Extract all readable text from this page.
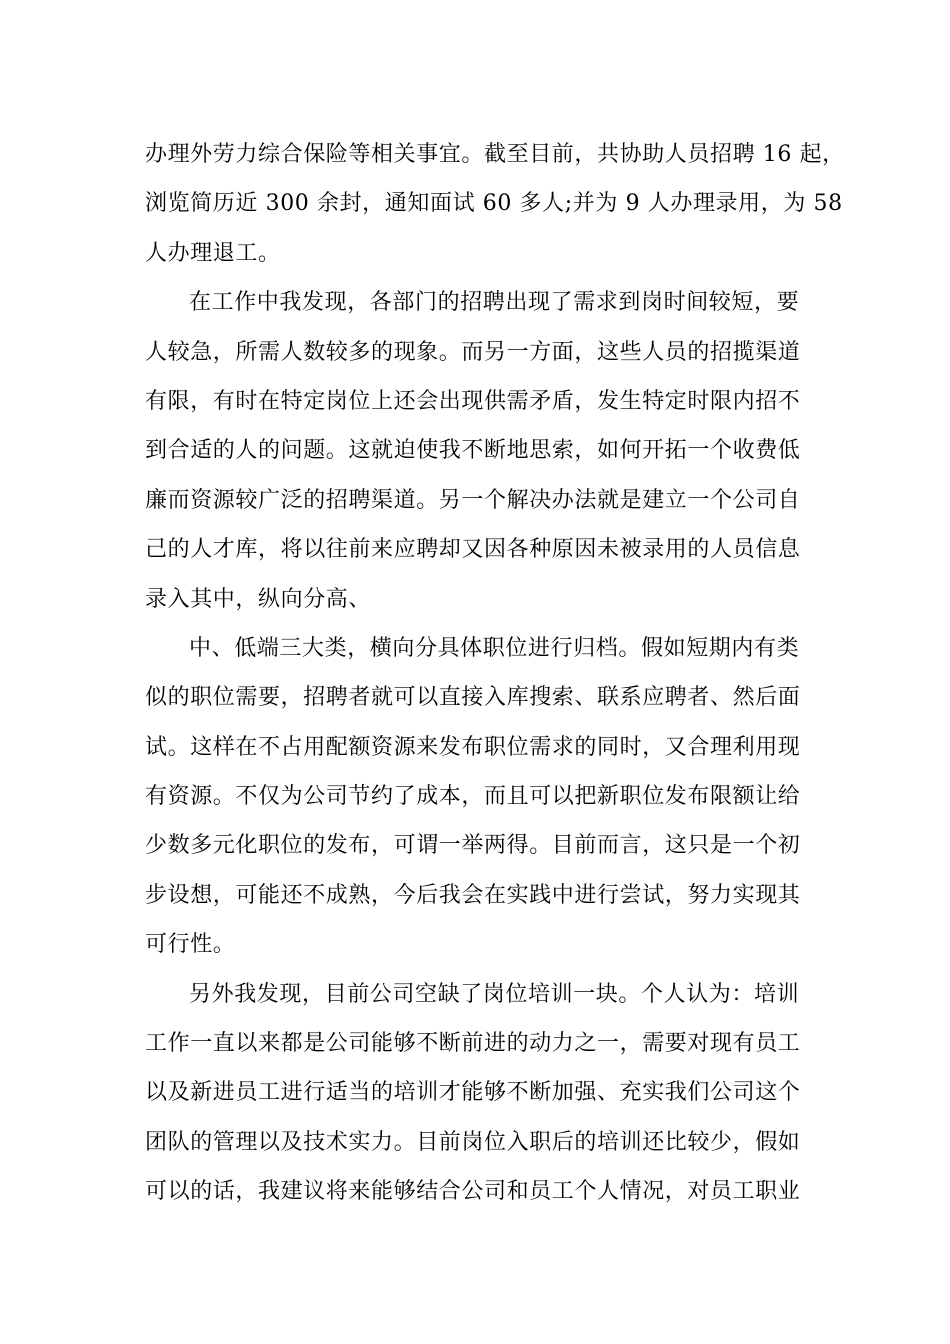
办理外劳力综合保险等相关事宜。截至目前，共协助人员招聘 16 起，
浏览简历近 300 余封，通知面试 60 多人;并为 9 人办理录用，为 58
人办理退工。
在工作中我发现，各部门的招聘出现了需求到岗时间较短，要
人较急，所需人数较多的现象。而另一方面，这些人员的招揽渠道
有限，有时在特定岗位上还会出现供需矛盾，发生特定时限内招不
到合适的人的问题。这就迫使我不断地思索，如何开拓一个收费低
廉而资源较广泛的招聘渠道。另一个解决办法就是建立一个公司自
己的人才库，将以往前来应聘却又因各种原因未被录用的人员信息
录入其中，纵向分高、
中、低端三大类，横向分具体职位进行归档。假如短期内有类
似的职位需要，招聘者就可以直接入库搜索、联系应聘者、然后面
试。这样在不占用配额资源来发布职位需求的同时，又合理利用现
有资源。不仅为公司节约了成本，而且可以把新职位发布限额让给
少数多元化职位的发布，可谓一举两得。目前而言，这只是一个初
步设想，可能还不成熟，今后我会在实践中进行尝试，努力实现其
可行性。
另外我发现，目前公司空缺了岗位培训一块。个人认为：培训
工作一直以来都是公司能够不断前进的动力之一，需要对现有员工
以及新进员工进行适当的培训才能够不断加强、充实我们公司这个
团队的管理以及技术实力。目前岗位入职后的培训还比较少，假如
可以的话，我建议将来能够结合公司和员工个人情况，对员工职业
